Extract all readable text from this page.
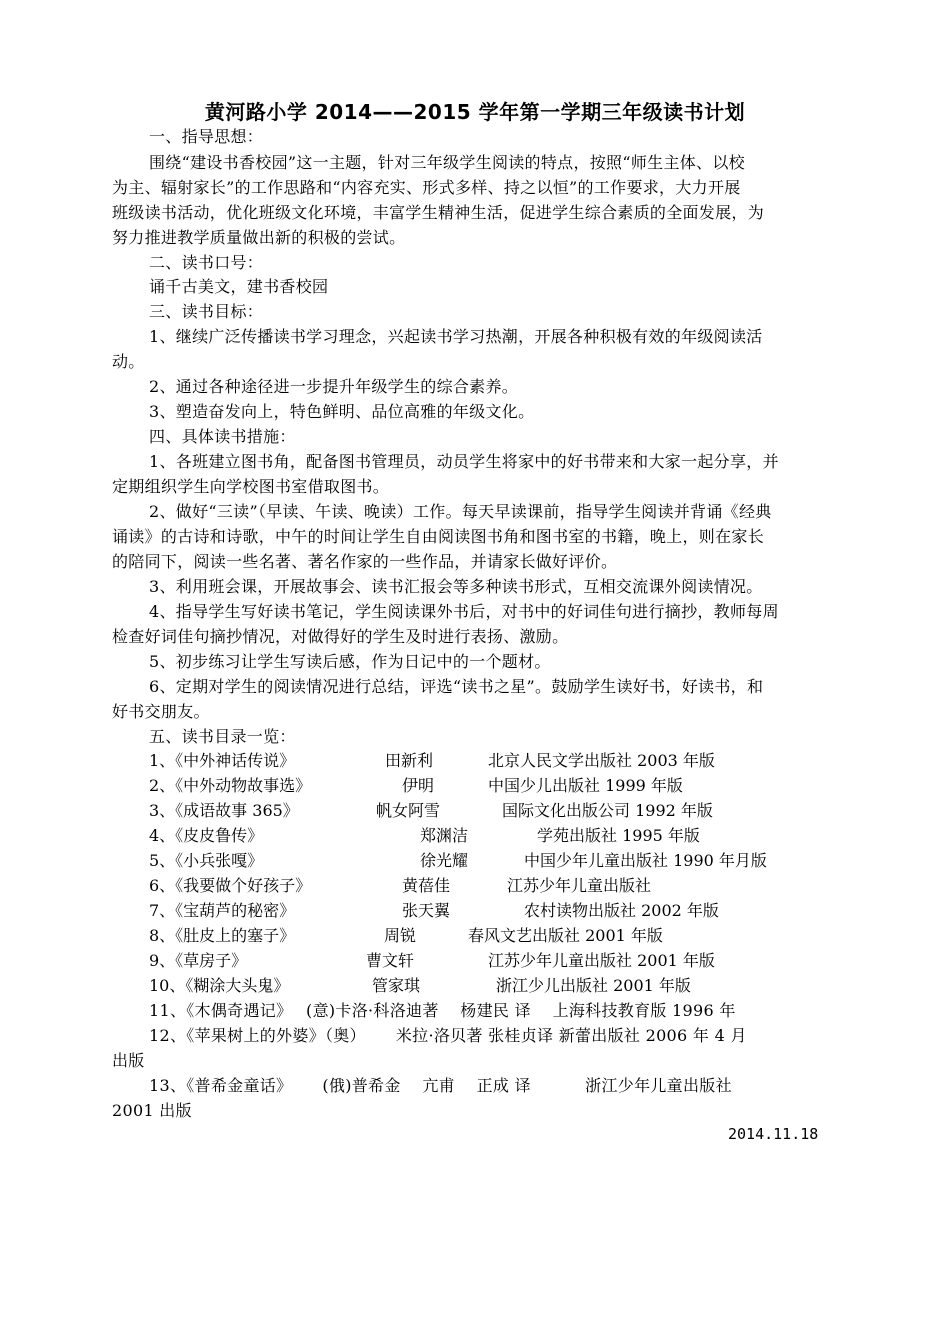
黄河路小学 2014——2015 学年第一学期三年级读书计划
一、指导思想：
围绕“建设书香校园”这一主题，针对三年级学生阅读的特点，按照“师生主体、以校
为主、辐射家长”的工作思路和“内容充实、形式多样、持之以恒”的工作要求，大力开展
班级读书活动，优化班级文化环境，丰富学生精神生活，促进学生综合素质的全面发展，为
努力推进教学质量做出新的积极的尝试。
二、读书口号：
诵千古美文，建书香校园
三、读书目标：
1、继续广泛传播读书学习理念，兴起读书学习热潮，开展各种积极有效的年级阅读活
动。
2、通过各种途径进一步提升年级学生的综合素养。
3、塑造奋发向上，特色鲜明、品位高雅的年级文化。
四、具体读书措施：
1、各班建立图书角，配备图书管理员，动员学生将家中的好书带来和大家一起分享，并
定期组织学生向学校图书室借取图书。
2、做好“三读”（早读、午读、晚读）工作。每天早读课前，指导学生阅读并背诵《经典
诵读》的古诗和诗歌，中午的时间让学生自由阅读图书角和图书室的书籍，晚上，则在家长
的陪同下，阅读一些名著、著名作家的一些作品，并请家长做好评价。
3、利用班会课，开展故事会、读书汇报会等多种读书形式，互相交流课外阅读情况。
4、指导学生写好读书笔记，学生阅读课外书后，对书中的好词佳句进行摘抄，教师每周
检查好词佳句摘抄情况，对做得好的学生及时进行表扬、激励。
5、初步练习让学生写读后感，作为日记中的一个题材。
6、定期对学生的阅读情况进行总结，评选“读书之星”。鼓励学生读好书，好读书，和
好书交朋友。
五、读书目录一览：
1、《中外神话传说》	田新利	北京人民文学出版社 2003 年版
2、《中外动物故事选》	伊明	中国少儿出版社 1999 年版
3、《成语故事 365》	帆女阿雪	国际文化出版公司 1992 年版
4、《皮皮鲁传》	郑渊洁	学苑出版社 1995 年版
5、《小兵张嘎》	徐光耀	中国少年儿童出版社 1990 年月版
6、《我要做个好孩子》	黄蓓佳	江苏少年儿童出版社
7、《宝葫芦的秘密》	张天翼	农村读物出版社 2002 年版
8、《肚皮上的塞子》	周锐	春风文艺出版社 2001 年版
9、《草房子》	曹文轩	江苏少年儿童出版社 2001 年版
10、《糊涂大头鬼》	管家琪	浙江少儿出版社 2001 年版
11、《木偶奇遇记》　 (意)卡洛·科洛迪著　 杨建民 译　 上海科技教育版 1996 年
12、《苹果树上的外婆》（奥）　 　米拉·洛贝著 张桂贞译 新蕾出版社 2006 年 4 月
出版
13、《普希金童话》　　 (俄)普希金　 亢甫　 正成 译　　　 浙江少年儿童出版社
2001 出版
2014.11.18
